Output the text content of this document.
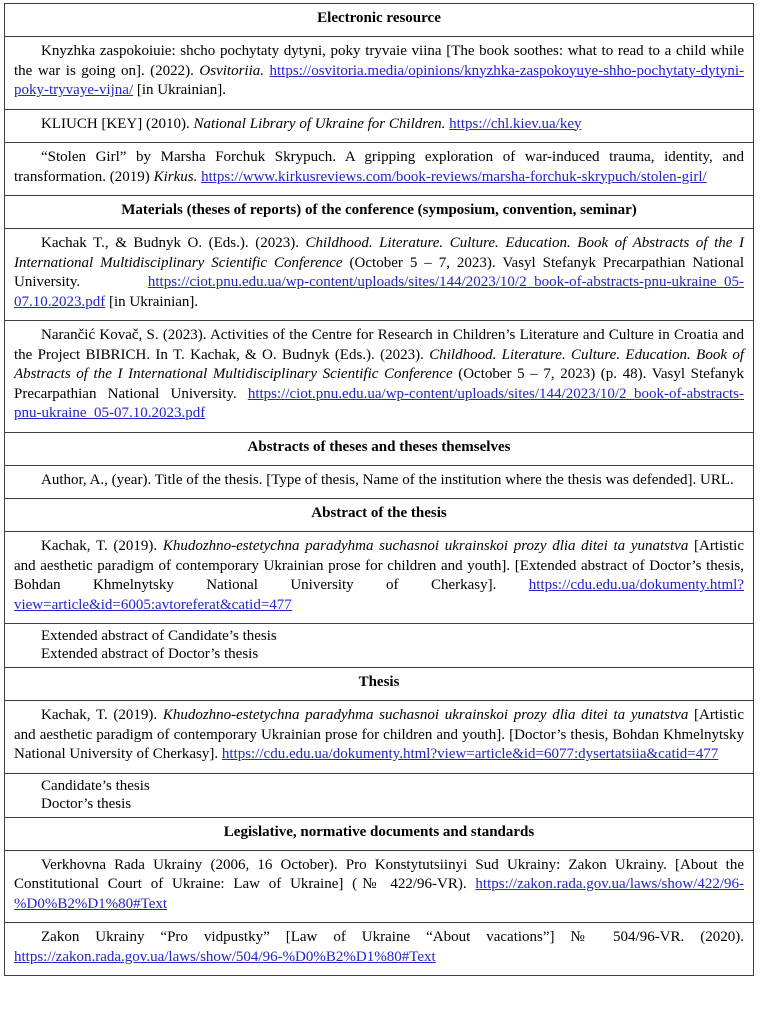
Electronic resource

Knyzhka zaspokoiuie: shcho pochytaty dytyni, poky tryvaie viina [The book soothes: what to read to a child while the war is going on]. (2022). Osvitoriia. https://osvitoria.media/opinions/knyzhka-zaspokoyuye-shho-pochytaty-dytyni-poky-tryvaye-vijna/ [in Ukrainian].

KLIUCH [KEY] (2010). National Library of Ukraine for Children. https://chl.kiev.ua/key

“Stolen Girl” by Marsha Forchuk Skrypuch. A gripping exploration of war-induced trauma, identity, and transformation. (2019) Kirkus. https://www.kirkusreviews.com/book-reviews/marsha-forchuk-skrypuch/stolen-girl/

Materials (theses of reports) of the conference (symposium, convention, seminar)

Kachak T., & Budnyk O. (Eds.). (2023). Childhood. Literature. Culture. Education. Book of Abstracts of the I International Multidisciplinary Scientific Conference (October 5 – 7, 2023). Vasyl Stefanyk Precarpathian National University. https://ciot.pnu.edu.ua/wp-content/uploads/sites/144/2023/10/2_book-of-abstracts-pnu-ukraine_05-07.10.2023.pdf [in Ukrainian].

Narančić Kovač, S. (2023). Activities of the Centre for Research in Children’s Literature and Culture in Croatia and the Project BIBRICH. In T. Kachak, & O. Budnyk (Eds.). (2023). Childhood. Literature. Culture. Education. Book of Abstracts of the I International Multidisciplinary Scientific Conference (October 5 – 7, 2023) (p. 48). Vasyl Stefanyk Precarpathian National University. https://ciot.pnu.edu.ua/wp-content/uploads/sites/144/2023/10/2_book-of-abstracts-pnu-ukraine_05-07.10.2023.pdf

Abstracts of theses and theses themselves

Author, A., (year). Title of the thesis. [Type of thesis, Name of the institution where the thesis was defended]. URL.

Abstract of the thesis

Kachak, T. (2019). Khudozhno-estetychna paradyhma suchasnoi ukrainskoi prozy dlia ditei ta yunatstva [Artistic and aesthetic paradigm of contemporary Ukrainian prose for children and youth]. [Extended abstract of Doctor’s thesis, Bohdan Khmelnytsky National University of Cherkasy]. https://cdu.edu.ua/dokumenty.html?view=article&id=6005:avtoreferat&catid=477

Extended abstract of Candidate’s thesis

Extended abstract of Doctor’s thesis

Thesis

Kachak, T. (2019). Khudozhno-estetychna paradyhma suchasnoi ukrainskoi prozy dlia ditei ta yunatstva [Artistic and aesthetic paradigm of contemporary Ukrainian prose for children and youth]. [Doctor’s thesis, Bohdan Khmelnytsky National University of Cherkasy]. https://cdu.edu.ua/dokumenty.html?view=article&id=6077:dysertatsiia&catid=477

Candidate’s thesis

Doctor’s thesis

Legislative, normative documents and standards

Verkhovna Rada Ukrainy (2006, 16 October). Pro Konstytutsiinyi Sud Ukrainy: Zakon Ukrainy. [About the Constitutional Court of Ukraine: Law of Ukraine] (№ 422/96-VR). https://zakon.rada.gov.ua/laws/show/422/96-%D0%B2%D1%80#Text

Zakon Ukrainy “Pro vidpustky” [Law of Ukraine “About vacations”] № 504/96-VR. (2020). https://zakon.rada.gov.ua/laws/show/504/96-%D0%B2%D1%80#Text
